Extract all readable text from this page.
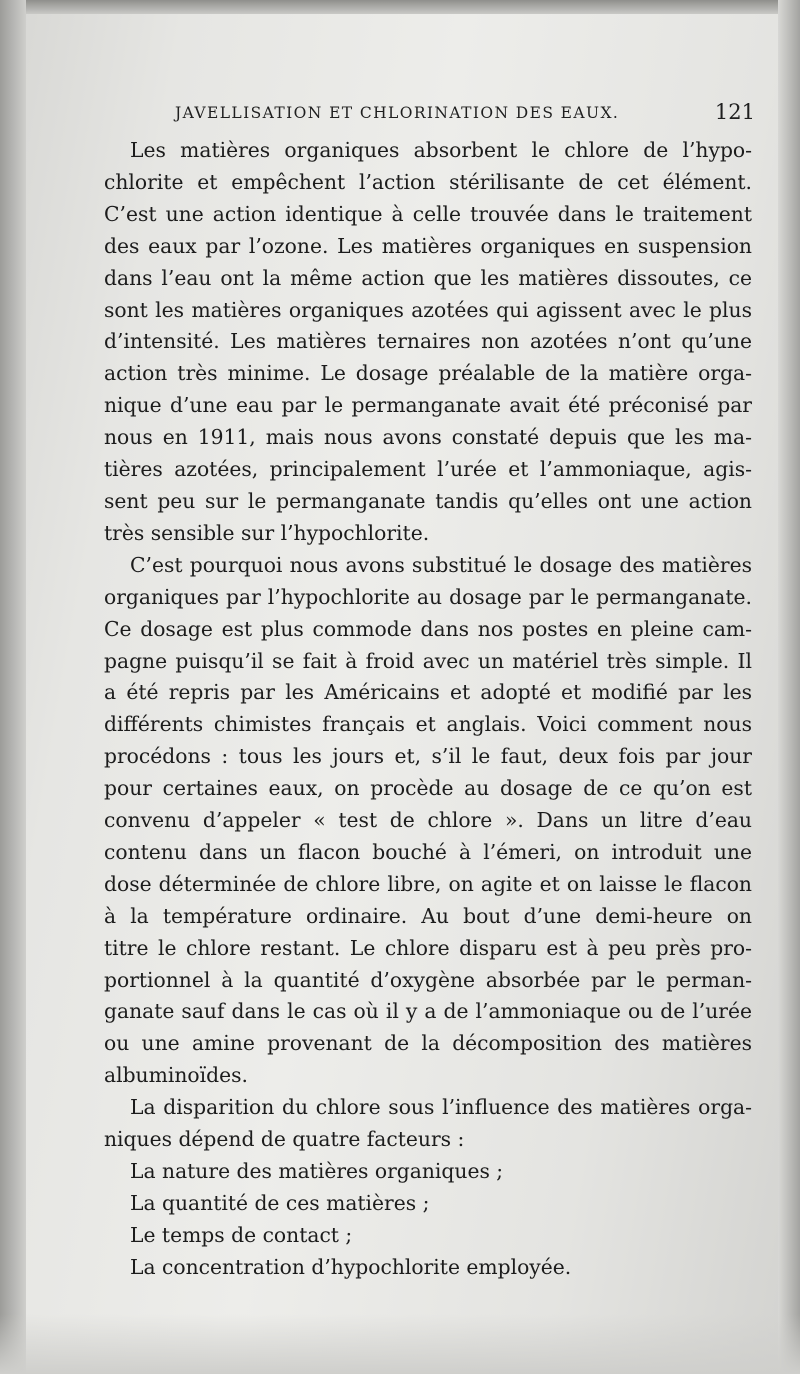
JAVELLISATION ET CHLORINATION DES EAUX.	121

Les matières organiques absorbent le chlore de l’hypo-

chlorite et empêchent l’action stérilisante de cet élément.

C’est une action identique à celle trouvée dans le traitement

des eaux par l’ozone. Les matières organiques en suspension

dans l’eau ont la même action que les matières dissoutes, ce

sont les matières organiques azotées qui agissent avec le plus

d’intensité. Les matières ternaires non azotées n’ont qu’une

action très minime. Le dosage préalable de la matière orga-

nique d’une eau par le permanganate avait été préconisé par

nous en 1911, mais nous avons constaté depuis que les ma-

tières azotées, principalement l’urée et l’ammoniaque, agis-

sent peu sur le permanganate tandis qu’elles ont une action

très sensible sur l’hypochlorite.

C’est pourquoi nous avons substitué le dosage des matières

organiques par l’hypochlorite au dosage par le permanganate.

Ce dosage est plus commode dans nos postes en pleine cam-

pagne puisqu’il se fait à froid avec un matériel très simple. Il

a été repris par les Américains et adopté et modifié par les

différents chimistes français et anglais. Voici comment nous

procédons : tous les jours et, s’il le faut, deux fois par jour

pour certaines eaux, on procède au dosage de ce qu’on est

convenu d’appeler « test de chlore ». Dans un litre d’eau

contenu dans un flacon bouché à l’émeri, on introduit une

dose déterminée de chlore libre, on agite et on laisse le flacon

à la température ordinaire. Au bout d’une demi-heure on

titre le chlore restant. Le chlore disparu est à peu près pro-

portionnel à la quantité d’oxygène absorbée par le perman-

ganate sauf dans le cas où il y a de l’ammoniaque ou de l’urée

ou une amine provenant de la décomposition des matières

albuminoïdes.

La disparition du chlore sous l’influence des matières orga-

niques dépend de quatre facteurs :

La nature des matières organiques ;

La quantité de ces matières ;

Le temps de contact ;

La concentration d’hypochlorite employée.
